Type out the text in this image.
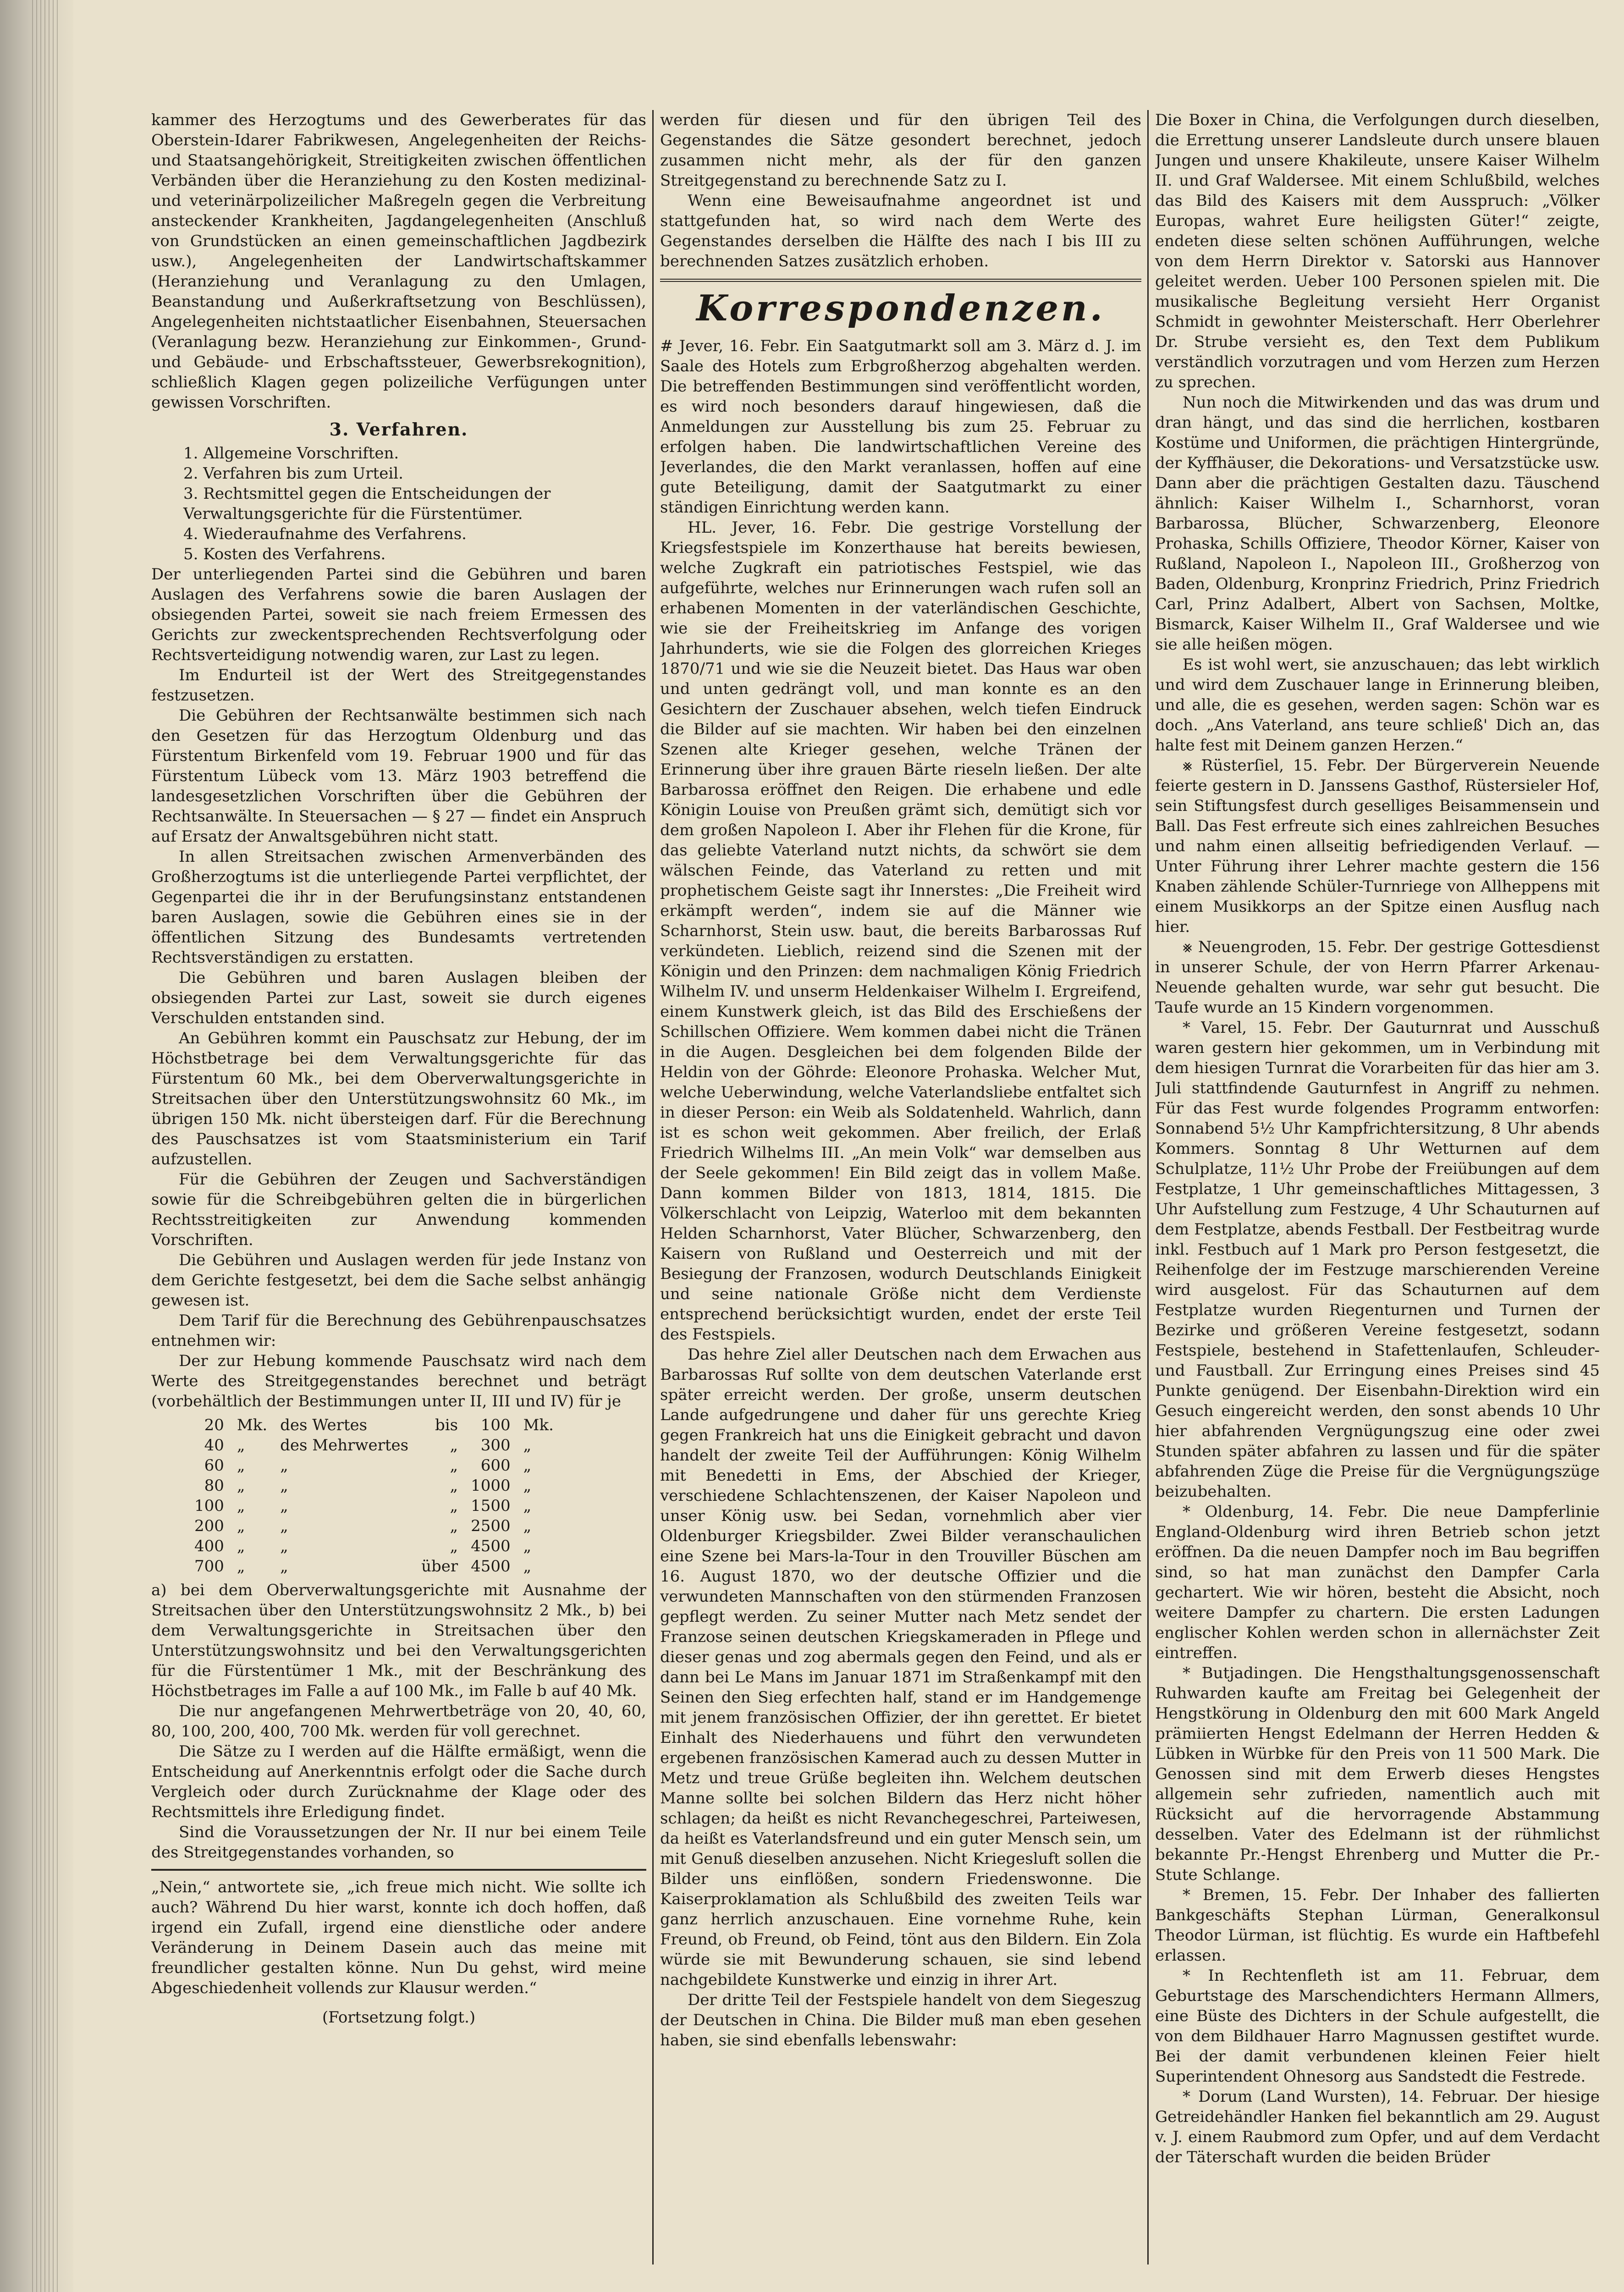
kammer des Herzogtums und des Gewerberates für das Oberstein-Idarer Fabrikwesen, Angelegenheiten der Reichs- und Staatsangehörigkeit, Streitigkeiten zwischen öffentlichen Verbänden über die Heranziehung zu den Kosten medizinal- und veterinärpolizeilicher Maßregeln gegen die Verbreitung ansteckender Krankheiten, Jagdangelegenheiten (Anschluß von Grundstücken an einen gemeinschaftlichen Jagdbezirk usw.), Angelegenheiten der Landwirtschaftskammer (Heranziehung und Veranlagung zu den Umlagen, Beanstandung und Außerkraftsetzung von Beschlüssen), Angelegenheiten nichtstaatlicher Eisenbahnen, Steuersachen (Veranlagung bezw. Heranziehung zur Einkommen-, Grund- und Gebäude- und Erbschaftssteuer, Gewerbsrekognition), schließlich Klagen gegen polizeiliche Verfügungen unter gewissen Vorschriften.

3. Verfahren.
1. Allgemeine Vorschriften.
2. Verfahren bis zum Urteil.
3. Rechtsmittel gegen die Entscheidungen der Verwaltungsgerichte für die Fürstentümer.
4. Wiederaufnahme des Verfahrens.
5. Kosten des Verfahrens.

Der unterliegenden Partei sind die Gebühren und baren Auslagen des Verfahrens sowie die baren Auslagen der obsiegenden Partei, soweit sie nach freiem Ermessen des Gerichts zur zweckentsprechenden Rechtsverfolgung oder Rechtsverteidigung notwendig waren, zur Last zu legen.

Im Endurteil ist der Wert des Streitgegenstandes festzusetzen.

Die Gebühren der Rechtsanwälte bestimmen sich nach den Gesetzen für das Herzogtum Oldenburg und das Fürstentum Birkenfeld vom 19. Februar 1900 und für das Fürstentum Lübeck vom 13. März 1903 betreffend die landesgesetzlichen Vorschriften über die Gebühren der Rechtsanwälte. In Steuersachen — § 27 — findet ein Anspruch auf Ersatz der Anwaltsgebühren nicht statt.

In allen Streitsachen zwischen Armenverbänden des Großherzogtums ist die unterliegende Partei verpflichtet, der Gegenpartei die ihr in der Berufungsinstanz entstandenen baren Auslagen, sowie die Gebühren eines sie in der öffentlichen Sitzung des Bundesamts vertretenden Rechtsverständigen zu erstatten.

Die Gebühren und baren Auslagen bleiben der obsiegenden Partei zur Last, soweit sie durch eigenes Verschulden entstanden sind.

An Gebühren kommt ein Pauschsatz zur Hebung, der im Höchstbetrage bei dem Verwaltungsgerichte für das Fürstentum 60 Mk., bei dem Oberverwaltungsgerichte in Streitsachen über den Unterstützungswohnsitz 60 Mk., im übrigen 150 Mk. nicht übersteigen darf. Für die Berechnung des Pauschsatzes ist vom Staatsministerium ein Tarif aufzustellen.

Für die Gebühren der Zeugen und Sachverständigen sowie für die Schreibgebühren gelten die in bürgerlichen Rechtsstreitigkeiten zur Anwendung kommenden Vorschriften.

Die Gebühren und Auslagen werden für jede Instanz von dem Gerichte festgesetzt, bei dem die Sache selbst anhängig gewesen ist.

Dem Tarif für die Berechnung des Gebührenpauschsatzes entnehmen wir:

Der zur Hebung kommende Pauschsatz wird nach dem Werte des Streitgegenstandes berechnet und beträgt (vorbehältlich der Bestimmungen unter II, III und IV) für je

20	Mk.	des Wertes	bis	100	Mk.
40	„	des Mehrwertes	„	300	„
60	„	„	„	600	„
80	„	„	„	1000	„
100	„	„	„	1500	„
200	„	„	„	2500	„
400	„	„	„	4500	„
700	„	„	über	4500	„

a) bei dem Oberverwaltungsgerichte mit Ausnahme der Streitsachen über den Unterstützungswohnsitz 2 Mk., b) bei dem Verwaltungsgerichte in Streitsachen über den Unterstützungswohnsitz und bei den Verwaltungsgerichten für die Fürstentümer 1 Mk., mit der Beschränkung des Höchstbetrages im Falle a auf 100 Mk., im Falle b auf 40 Mk.

Die nur angefangenen Mehrwertbeträge von 20, 40, 60, 80, 100, 200, 400, 700 Mk. werden für voll gerechnet.

Die Sätze zu I werden auf die Hälfte ermäßigt, wenn die Entscheidung auf Anerkenntnis erfolgt oder die Sache durch Vergleich oder durch Zurücknahme der Klage oder des Rechtsmittels ihre Erledigung findet.

Sind die Voraussetzungen der Nr. II nur bei einem Teile des Streitgegenstandes vorhanden, so

„Nein,“ antwortete sie, „ich freue mich nicht. Wie sollte ich auch? Während Du hier warst, konnte ich doch hoffen, daß irgend ein Zufall, irgend eine dienstliche oder andere Veränderung in Deinem Dasein auch das meine mit freundlicher gestalten könne. Nun Du gehst, wird meine Abgeschiedenheit vollends zur Klausur werden.“

(Fortsetzung folgt.)

werden für diesen und für den übrigen Teil des Gegenstandes die Sätze gesondert berechnet, jedoch zusammen nicht mehr, als der für den ganzen Streitgegenstand zu berechnende Satz zu I.

Wenn eine Beweisaufnahme angeordnet ist und stattgefunden hat, so wird nach dem Werte des Gegenstandes derselben die Hälfte des nach I bis III zu berechnenden Satzes zusätzlich erhoben.

Korrespondenzen.

# Jever, 16. Febr. Ein Saatgutmarkt soll am 3. März d. J. im Saale des Hotels zum Erbgroßherzog abgehalten werden. Die betreffenden Bestimmungen sind veröffentlicht worden, es wird noch besonders darauf hingewiesen, daß die Anmeldungen zur Ausstellung bis zum 25. Februar zu erfolgen haben. Die landwirtschaftlichen Vereine des Jeverlandes, die den Markt veranlassen, hoffen auf eine gute Beteiligung, damit der Saatgutmarkt zu einer ständigen Einrichtung werden kann.

HL. Jever, 16. Febr. Die gestrige Vorstellung der Kriegsfestspiele im Konzerthause hat bereits bewiesen, welche Zugkraft ein patriotisches Festspiel, wie das aufgeführte, welches nur Erinnerungen wach rufen soll an erhabenen Momenten in der vaterländischen Geschichte, wie sie der Freiheitskrieg im Anfange des vorigen Jahrhunderts, wie sie die Folgen des glorreichen Krieges 1870/71 und wie sie die Neuzeit bietet. Das Haus war oben und unten gedrängt voll, und man konnte es an den Gesichtern der Zuschauer absehen, welch tiefen Eindruck die Bilder auf sie machten. Wir haben bei den einzelnen Szenen alte Krieger gesehen, welche Tränen der Erinnerung über ihre grauen Bärte rieseln ließen. Der alte Barbarossa eröffnet den Reigen. Die erhabene und edle Königin Louise von Preußen grämt sich, demütigt sich vor dem großen Napoleon I. Aber ihr Flehen für die Krone, für das geliebte Vaterland nutzt nichts, da schwört sie dem wälschen Feinde, das Vaterland zu retten und mit prophetischem Geiste sagt ihr Innerstes: „Die Freiheit wird erkämpft werden“, indem sie auf die Männer wie Scharnhorst, Stein usw. baut, die bereits Barbarossas Ruf verkündeten. Lieblich, reizend sind die Szenen mit der Königin und den Prinzen: dem nachmaligen König Friedrich Wilhelm IV. und unserm Heldenkaiser Wilhelm I. Ergreifend, einem Kunstwerk gleich, ist das Bild des Erschießens der Schillschen Offiziere. Wem kommen dabei nicht die Tränen in die Augen. Desgleichen bei dem folgenden Bilde der Heldin von der Göhrde: Eleonore Prohaska. Welcher Mut, welche Ueberwindung, welche Vaterlandsliebe entfaltet sich in dieser Person: ein Weib als Soldatenheld. Wahrlich, dann ist es schon weit gekommen. Aber freilich, der Erlaß Friedrich Wilhelms III. „An mein Volk“ war demselben aus der Seele gekommen! Ein Bild zeigt das in vollem Maße. Dann kommen Bilder von 1813, 1814, 1815. Die Völkerschlacht von Leipzig, Waterloo mit dem bekannten Helden Scharnhorst, Vater Blücher, Schwarzenberg, den Kaisern von Rußland und Oesterreich und mit der Besiegung der Franzosen, wodurch Deutschlands Einigkeit und seine nationale Größe nicht dem Verdienste entsprechend berücksichtigt wurden, endet der erste Teil des Festspiels.

Das hehre Ziel aller Deutschen nach dem Erwachen aus Barbarossas Ruf sollte von dem deutschen Vaterlande erst später erreicht werden. Der große, unserm deutschen Lande aufgedrungene und daher für uns gerechte Krieg gegen Frankreich hat uns die Einigkeit gebracht und davon handelt der zweite Teil der Aufführungen: König Wilhelm mit Benedetti in Ems, der Abschied der Krieger, verschiedene Schlachtenszenen, der Kaiser Napoleon und unser König usw. bei Sedan, vornehmlich aber vier Oldenburger Kriegsbilder. Zwei Bilder veranschaulichen eine Szene bei Mars-la-Tour in den Trouviller Büschen am 16. August 1870, wo der deutsche Offizier und die verwundeten Mannschaften von den stürmenden Franzosen gepflegt werden. Zu seiner Mutter nach Metz sendet der Franzose seinen deutschen Kriegskameraden in Pflege und dieser genas und zog abermals gegen den Feind, und als er dann bei Le Mans im Januar 1871 im Straßenkampf mit den Seinen den Sieg erfechten half, stand er im Handgemenge mit jenem französischen Offizier, der ihn gerettet. Er bietet Einhalt des Niederhauens und führt den verwundeten ergebenen französischen Kamerad auch zu dessen Mutter in Metz und treue Grüße begleiten ihn. Welchem deutschen Manne sollte bei solchen Bildern das Herz nicht höher schlagen; da heißt es nicht Revanchegeschrei, Parteiwesen, da heißt es Vaterlandsfreund und ein guter Mensch sein, um mit Genuß dieselben anzusehen. Nicht Kriegesluft sollen die Bilder uns einflößen, sondern Friedenswonne. Die Kaiserproklamation als Schlußbild des zweiten Teils war ganz herrlich anzuschauen. Eine vornehme Ruhe, kein Freund, ob Freund, ob Feind, tönt aus den Bildern. Ein Zola würde sie mit Bewunderung schauen, sie sind lebend nachgebildete Kunstwerke und einzig in ihrer Art.

Der dritte Teil der Festspiele handelt von dem Siegeszug der Deutschen in China. Die Bilder muß man eben gesehen haben, sie sind ebenfalls lebenswahr:

Die Boxer in China, die Verfolgungen durch dieselben, die Errettung unserer Landsleute durch unsere blauen Jungen und unsere Khakileute, unsere Kaiser Wilhelm II. und Graf Waldersee. Mit einem Schlußbild, welches das Bild des Kaisers mit dem Ausspruch: „Völker Europas, wahret Eure heiligsten Güter!“ zeigte, endeten diese selten schönen Aufführungen, welche von dem Herrn Direktor v. Satorski aus Hannover geleitet werden. Ueber 100 Personen spielen mit. Die musikalische Begleitung versieht Herr Organist Schmidt in gewohnter Meisterschaft. Herr Oberlehrer Dr. Strube versieht es, den Text dem Publikum verständlich vorzutragen und vom Herzen zum Herzen zu sprechen.

Nun noch die Mitwirkenden und das was drum und dran hängt, und das sind die herrlichen, kostbaren Kostüme und Uniformen, die prächtigen Hintergründe, der Kyffhäuser, die Dekorations- und Versatzstücke usw. Dann aber die prächtigen Gestalten dazu. Täuschend ähnlich: Kaiser Wilhelm I., Scharnhorst, voran Barbarossa, Blücher, Schwarzenberg, Eleonore Prohaska, Schills Offiziere, Theodor Körner, Kaiser von Rußland, Napoleon I., Napoleon III., Großherzog von Baden, Oldenburg, Kronprinz Friedrich, Prinz Friedrich Carl, Prinz Adalbert, Albert von Sachsen, Moltke, Bismarck, Kaiser Wilhelm II., Graf Waldersee und wie sie alle heißen mögen.

Es ist wohl wert, sie anzuschauen; das lebt wirklich und wird dem Zuschauer lange in Erinnerung bleiben, und alle, die es gesehen, werden sagen: Schön war es doch. „Ans Vaterland, ans teure schließ' Dich an, das halte fest mit Deinem ganzen Herzen.“

⨳ Rüsterſiel, 15. Febr. Der Bürgerverein Neuende feierte gestern in D. Janssens Gasthof, Rüstersieler Hof, sein Stiftungsfest durch geselliges Beisammensein und Ball. Das Fest erfreute sich eines zahlreichen Besuches und nahm einen allseitig befriedigenden Verlauf. — Unter Führung ihrer Lehrer machte gestern die 156 Knaben zählende Schüler-Turnriege von Allheppens mit einem Musikkorps an der Spitze einen Ausflug nach hier.

⨳ Neuengroden, 15. Febr. Der gestrige Gottesdienst in unserer Schule, der von Herrn Pfarrer Arkenau-Neuende gehalten wurde, war sehr gut besucht. Die Taufe wurde an 15 Kindern vorgenommen.

* Varel, 15. Febr. Der Gauturnrat und Ausschuß waren gestern hier gekommen, um in Verbindung mit dem hiesigen Turnrat die Vorarbeiten für das hier am 3. Juli stattfindende Gauturnfest in Angriff zu nehmen. Für das Fest wurde folgendes Programm entworfen: Sonnabend 5½ Uhr Kampfrichtersitzung, 8 Uhr abends Kommers. Sonntag 8 Uhr Wetturnen auf dem Schulplatze, 11½ Uhr Probe der Freiübungen auf dem Festplatze, 1 Uhr gemeinschaftliches Mittagessen, 3 Uhr Aufstellung zum Festzuge, 4 Uhr Schauturnen auf dem Festplatze, abends Festball. Der Festbeitrag wurde inkl. Festbuch auf 1 Mark pro Person festgesetzt, die Reihenfolge der im Festzuge marschierenden Vereine wird ausgelost. Für das Schauturnen auf dem Festplatze wurden Riegenturnen und Turnen der Bezirke und größeren Vereine festgesetzt, sodann Festspiele, bestehend in Stafettenlaufen, Schleuder- und Faustball. Zur Erringung eines Preises sind 45 Punkte genügend. Der Eisenbahn-Direktion wird ein Gesuch eingereicht werden, den sonst abends 10 Uhr hier abfahrenden Vergnügungszug eine oder zwei Stunden später abfahren zu lassen und für die später abfahrenden Züge die Preise für die Vergnügungszüge beizubehalten.

* Oldenburg, 14. Febr. Die neue Dampferlinie England-Oldenburg wird ihren Betrieb schon jetzt eröffnen. Da die neuen Dampfer noch im Bau begriffen sind, so hat man zunächst den Dampfer Carla gechartert. Wie wir hören, besteht die Absicht, noch weitere Dampfer zu chartern. Die ersten Ladungen englischer Kohlen werden schon in allernächster Zeit eintreffen.

* Butjadingen. Die Hengsthaltungsgenossenschaft Ruhwarden kaufte am Freitag bei Gelegenheit der Hengstkörung in Oldenburg den mit 600 Mark Angeld prämiierten Hengst Edelmann der Herren Hedden & Lübken in Würbke für den Preis von 11 500 Mark. Die Genossen sind mit dem Erwerb dieses Hengstes allgemein sehr zufrieden, namentlich auch mit Rücksicht auf die hervorragende Abstammung desselben. Vater des Edelmann ist der rühmlichst bekannte Pr.-Hengst Ehrenberg und Mutter die Pr.-Stute Schlange.

* Bremen, 15. Febr. Der Inhaber des fallierten Bankgeschäfts Stephan Lürman, Generalkonsul Theodor Lürman, ist flüchtig. Es wurde ein Haftbefehl erlassen.

* In Rechtenfleth ist am 11. Februar, dem Geburtstage des Marschendichters Hermann Allmers, eine Büste des Dichters in der Schule aufgestellt, die von dem Bildhauer Harro Magnussen gestiftet wurde. Bei der damit verbundenen kleinen Feier hielt Superintendent Ohnesorg aus Sandstedt die Festrede.

* Dorum (Land Wursten), 14. Februar. Der hiesige Getreidehändler Hanken fiel bekanntlich am 29. August v. J. einem Raubmord zum Opfer, und auf dem Verdacht der Täterschaft wurden die beiden Brüder
